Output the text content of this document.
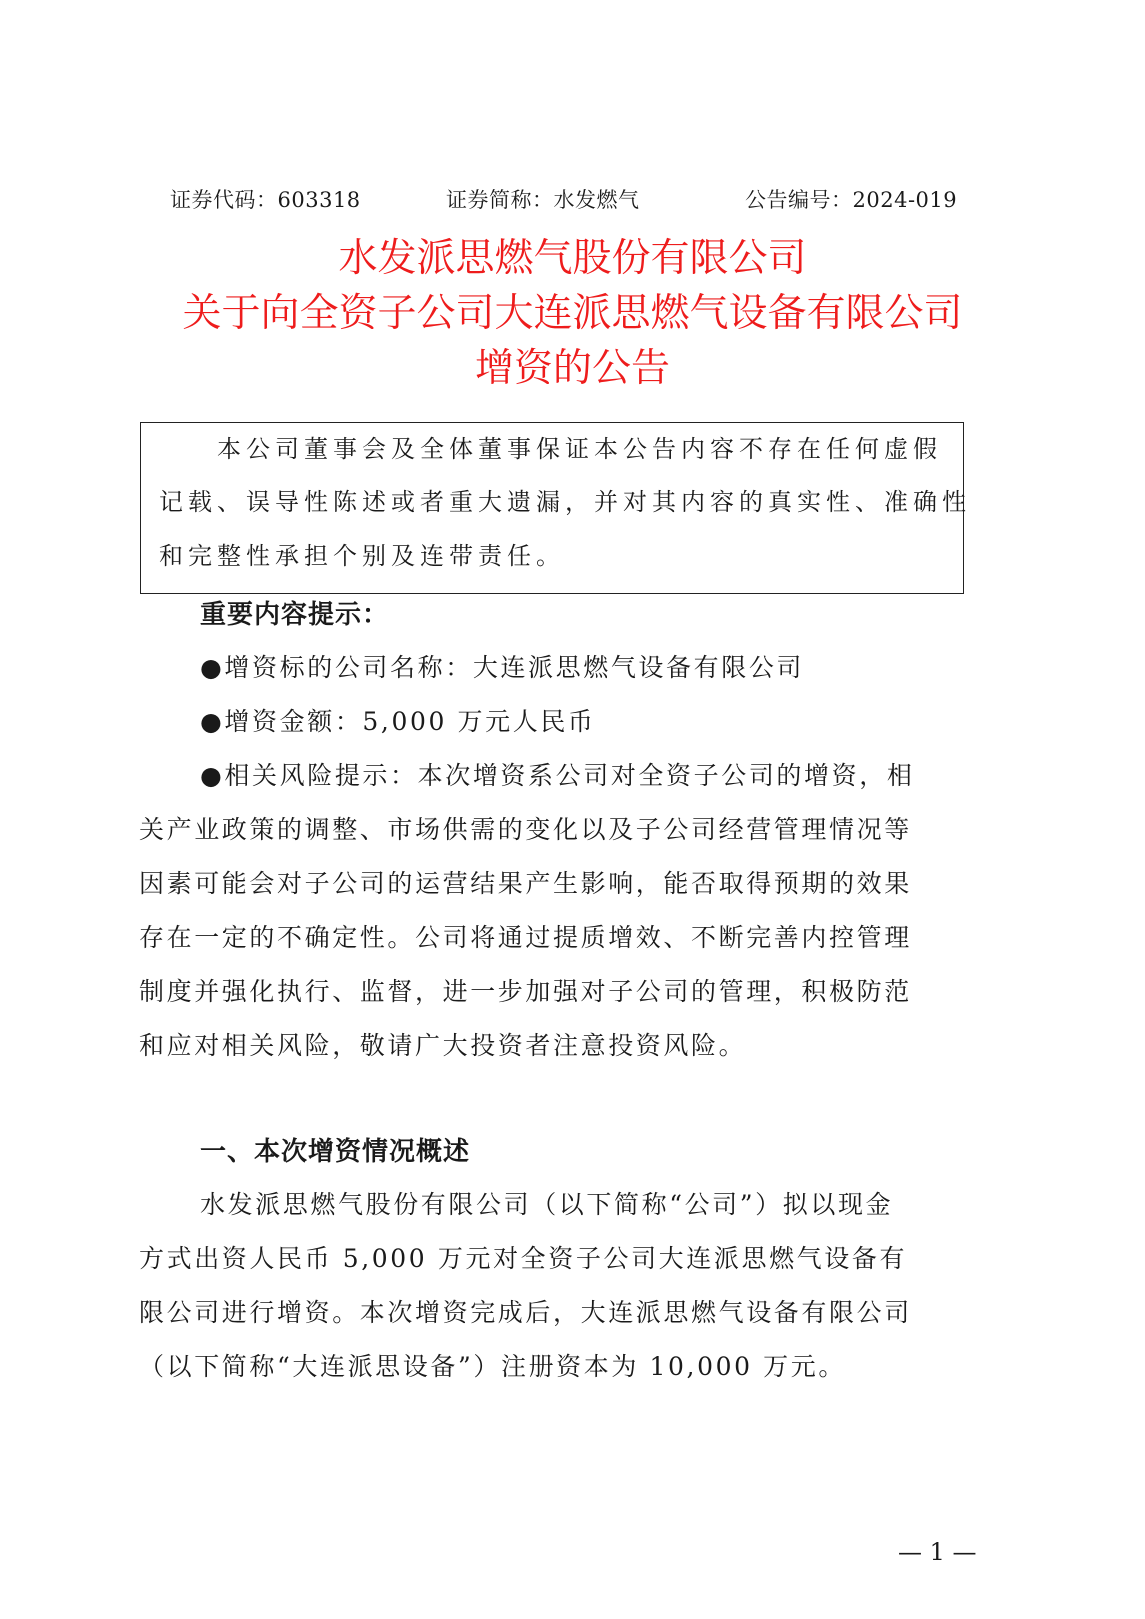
证券代码：603318	证券简称：水发燃气	公告编号：2024-019
水发派思燃气股份有限公司
关于向全资子公司大连派思燃气设备有限公司
增资的公告

本公司董事会及全体董事保证本公告内容不存在任何虚假

记载、误导性陈述或者重大遗漏，并对其内容的真实性、准确性

和完整性承担个别及连带责任。

重要内容提示：

●增资标的公司名称：大连派思燃气设备有限公司

●增资金额：5,000 万元人民币

●相关风险提示：本次增资系公司对全资子公司的增资，相

关产业政策的调整、市场供需的变化以及子公司经营管理情况等

因素可能会对子公司的运营结果产生影响，能否取得预期的效果

存在一定的不确定性。公司将通过提质增效、不断完善内控管理

制度并强化执行、监督，进一步加强对子公司的管理，积极防范

和应对相关风险，敬请广大投资者注意投资风险。

一、本次增资情况概述

水发派思燃气股份有限公司（以下简称“公司”）拟以现金

方式出资人民币 5,000 万元对全资子公司大连派思燃气设备有

限公司进行增资。本次增资完成后，大连派思燃气设备有限公司

（以下简称“大连派思设备”）注册资本为 10,000 万元。

— 1 —
